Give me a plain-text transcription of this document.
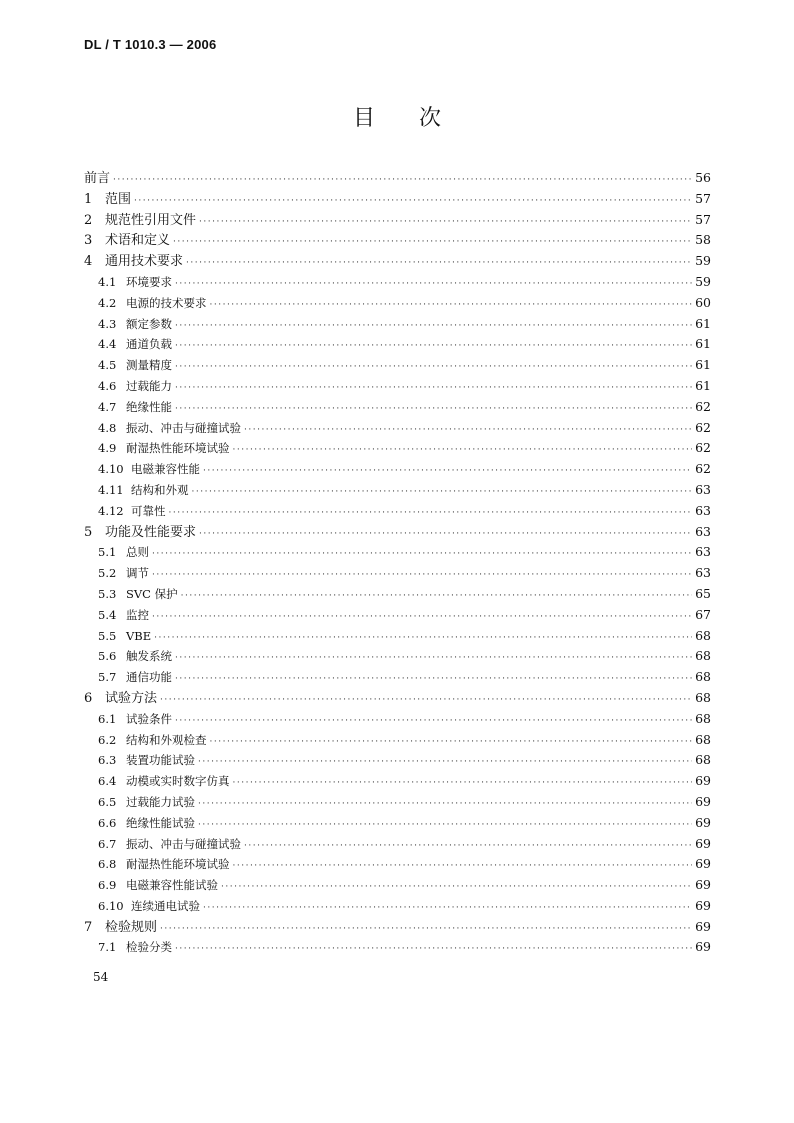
DL / T 1010.3 — 2006
目 次
前言 ·····	56
1 范围 ·····	57
2 规范性引用文件 ·····	57
3 术语和定义 ·····	58
4 通用技术要求 ·····	59
4.1 环境要求 ·····	59
4.2 电源的技术要求 ·····	60
4.3 额定参数 ·····	61
4.4 通道负载 ·····	61
4.5 测量精度 ·····	61
4.6 过载能力 ·····	61
4.7 绝缘性能 ·····	62
4.8 振动、冲击与碰撞试验 ·····	62
4.9 耐湿热性能环境试验 ·····	62
4.10 电磁兼容性能 ·····	62
4.11 结构和外观 ·····	63
4.12 可靠性 ·····	63
5 功能及性能要求 ·····	63
5.1 总则 ·····	63
5.2 调节 ·····	63
5.3 SVC 保护 ·····	65
5.4 监控 ·····	67
5.5 VBE ·····	68
5.6 触发系统 ·····	68
5.7 通信功能 ·····	68
6 试验方法 ·····	68
6.1 试验条件 ·····	68
6.2 结构和外观检查 ·····	68
6.3 装置功能试验 ·····	68
6.4 动模或实时数字仿真 ·····	69
6.5 过载能力试验 ·····	69
6.6 绝缘性能试验 ·····	69
6.7 振动、冲击与碰撞试验 ·····	69
6.8 耐湿热性能环境试验 ·····	69
6.9 电磁兼容性能试验 ·····	69
6.10 连续通电试验 ·····	69
7 检验规则 ·····	69
7.1 检验分类 ·····	69
54
